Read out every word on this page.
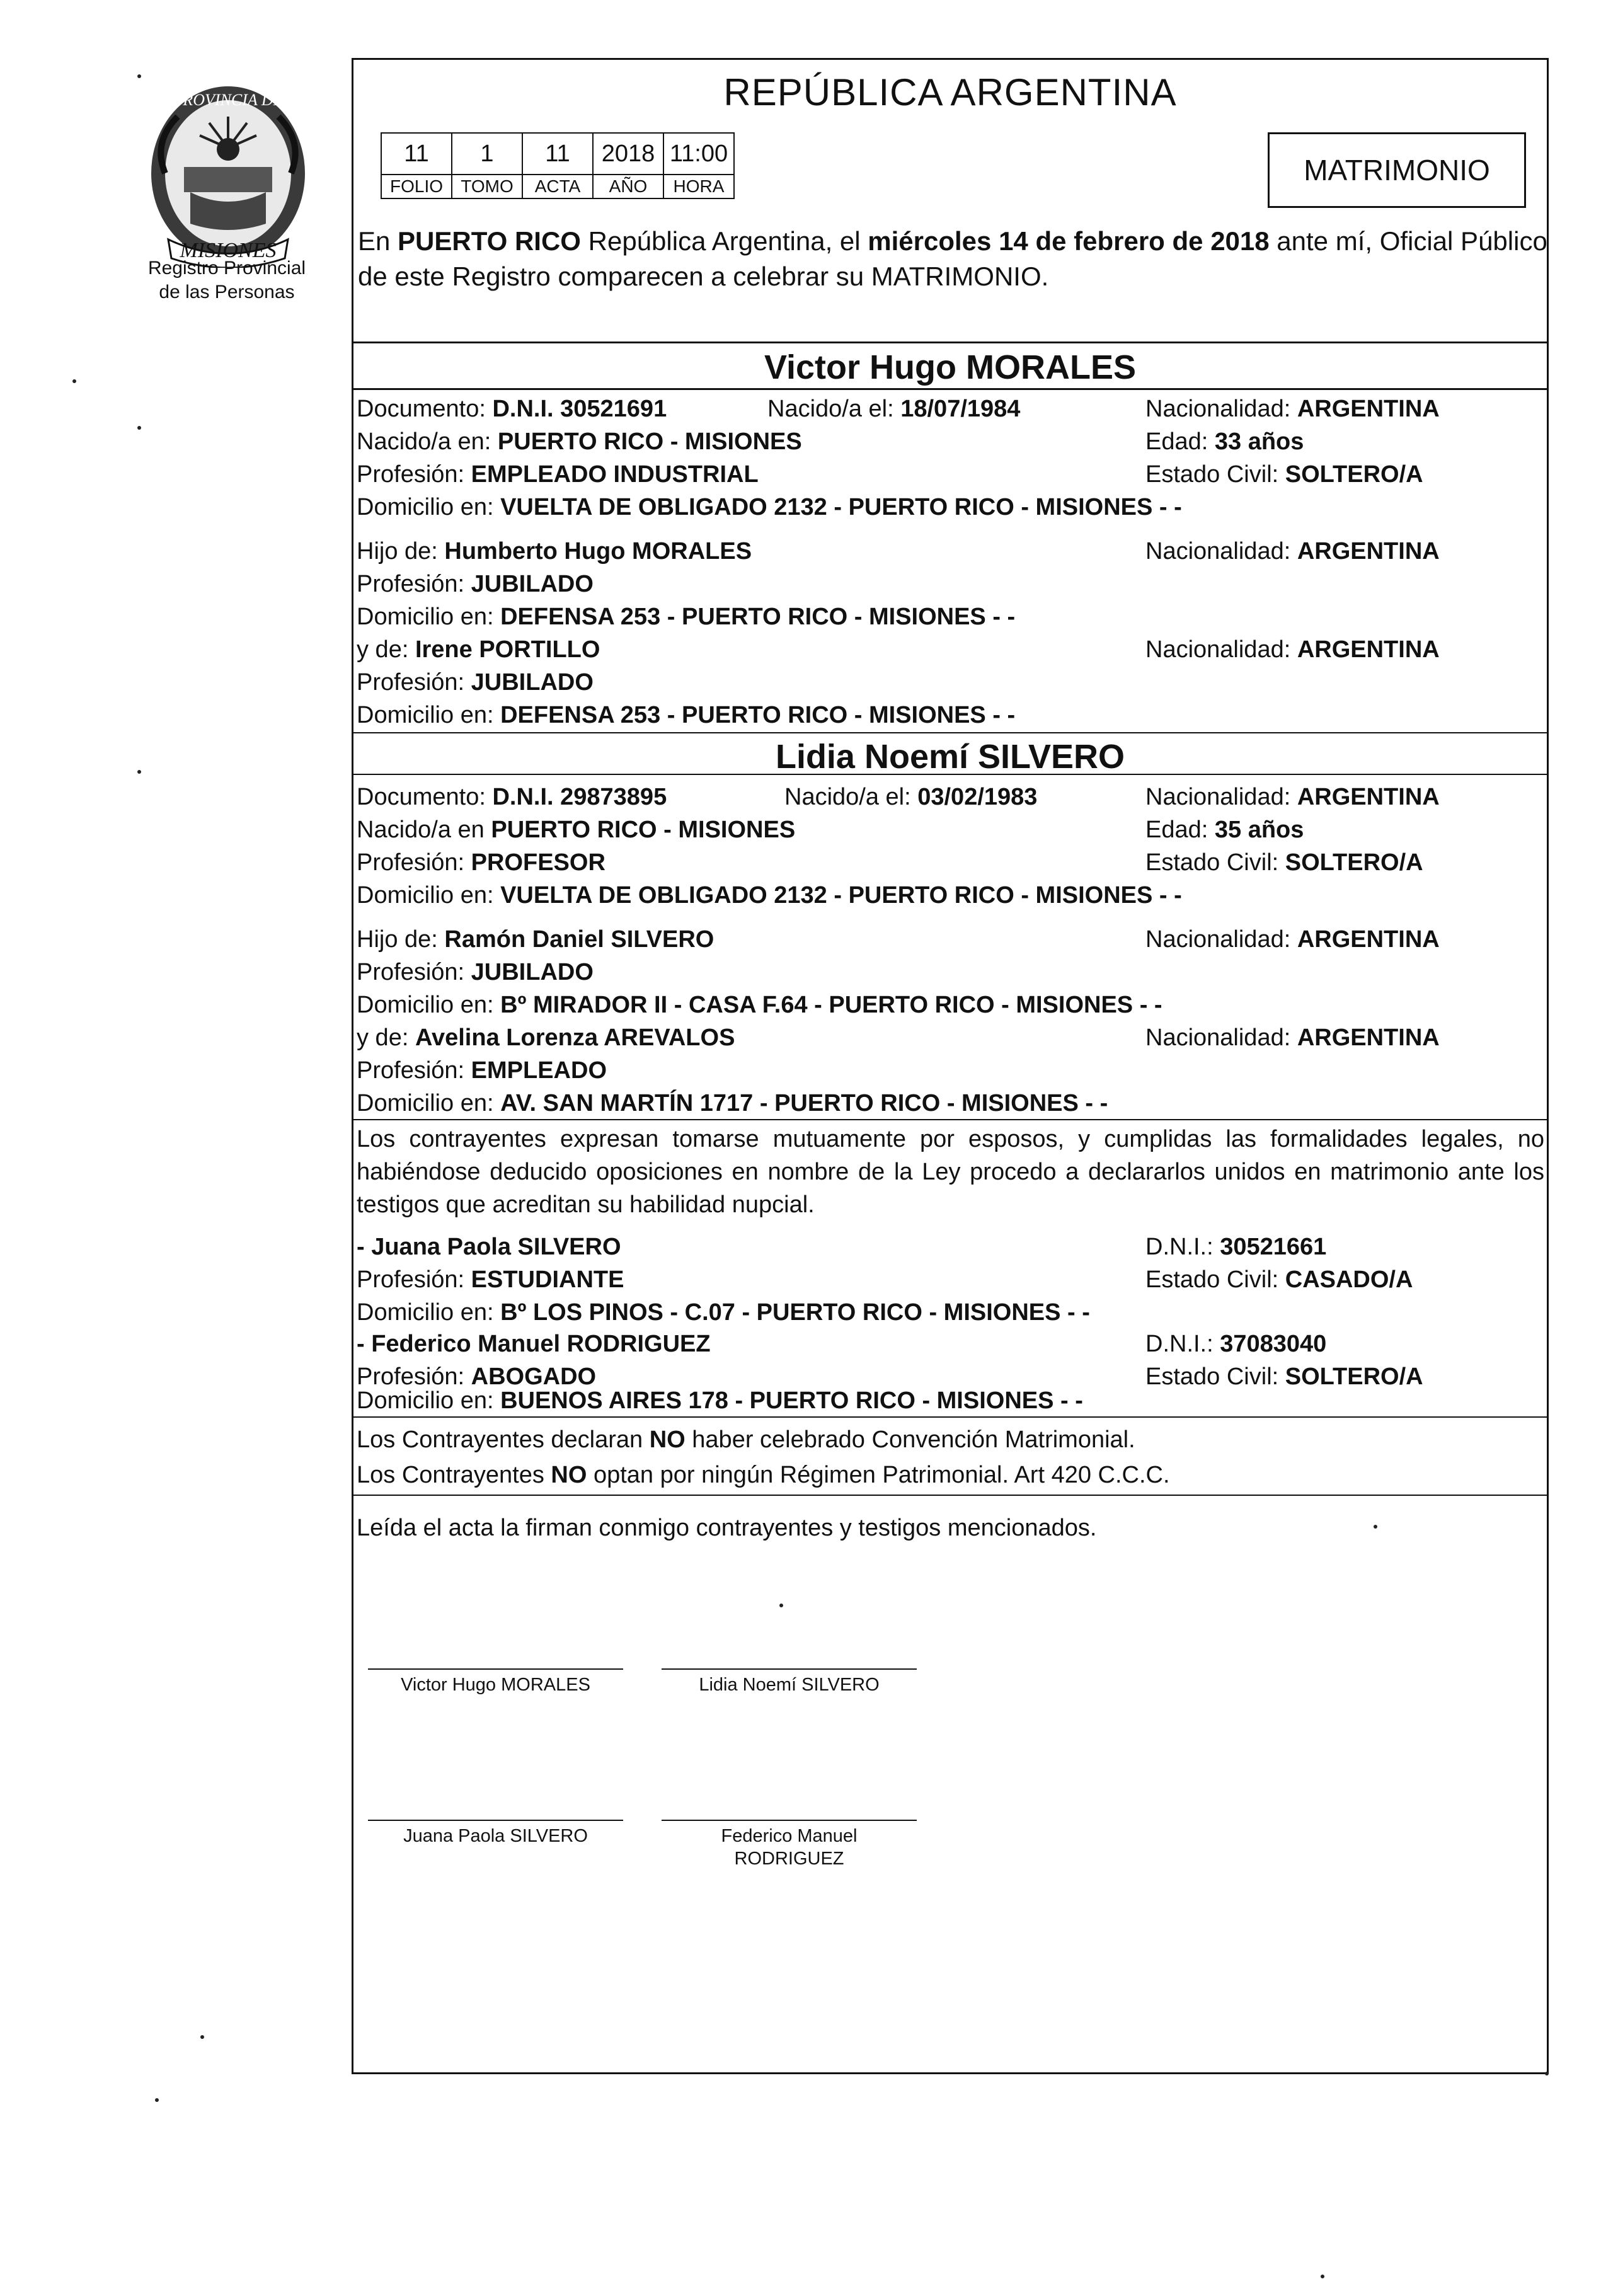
MISIONES
PROVINCIA DE
Registro Provincial
de las Personas
REPÚBLICA ARGENTINA
11	1	11	2018	11:00
FOLIO	TOMO	ACTA	AÑO	HORA	MATRIMONIO
En PUERTO RICO República Argentina, el miércoles 14 de febrero de 2018 ante mí, Oficial Público de este Registro comparecen a celebrar su MATRIMONIO.
Victor Hugo MORALES
Documento: D.N.I. 30521691	Nacido/a el: 18/07/1984	Nacionalidad: ARGENTINA
Nacido/a en: PUERTO RICO - MISIONES	Edad: 33 años
Profesión: EMPLEADO INDUSTRIAL	Estado Civil: SOLTERO/A
Domicilio en: VUELTA DE OBLIGADO 2132 - PUERTO RICO - MISIONES - -
Hijo de: Humberto Hugo MORALES	Nacionalidad: ARGENTINA
Profesión: JUBILADO
Domicilio en: DEFENSA 253 - PUERTO RICO - MISIONES - -
y de: Irene PORTILLO	Nacionalidad: ARGENTINA
Profesión: JUBILADO
Domicilio en: DEFENSA 253 - PUERTO RICO - MISIONES - -
Lidia Noemí SILVERO
Documento: D.N.I. 29873895	Nacido/a el: 03/02/1983	Nacionalidad: ARGENTINA
Nacido/a en PUERTO RICO - MISIONES	Edad: 35 años
Profesión: PROFESOR	Estado Civil: SOLTERO/A
Domicilio en: VUELTA DE OBLIGADO 2132 - PUERTO RICO - MISIONES - -
Hijo de: Ramón Daniel SILVERO	Nacionalidad: ARGENTINA
Profesión: JUBILADO
Domicilio en: Bº MIRADOR II - CASA F.64 - PUERTO RICO - MISIONES - -
y de: Avelina Lorenza AREVALOS	Nacionalidad: ARGENTINA
Profesión: EMPLEADO
Domicilio en: AV. SAN MARTÍN 1717 - PUERTO RICO - MISIONES - -
Los contrayentes expresan tomarse mutuamente por esposos, y cumplidas las formalidades legales, no habiéndose deducido oposiciones en nombre de la Ley procedo a declararlos unidos en matrimonio ante los testigos que acreditan su habilidad nupcial.
- Juana Paola SILVERO	D.N.I.: 30521661
Profesión: ESTUDIANTE	Estado Civil: CASADO/A
Domicilio en: Bº LOS PINOS - C.07 - PUERTO RICO - MISIONES - -
- Federico Manuel RODRIGUEZ	D.N.I.: 37083040
Profesión: ABOGADO	Estado Civil: SOLTERO/A
Domicilio en: BUENOS AIRES 178 - PUERTO RICO - MISIONES - -
Los Contrayentes declaran NO haber celebrado Convención Matrimonial.
Los Contrayentes NO optan por ningún Régimen Patrimonial. Art 420 C.C.C.
Leída el acta la firman conmigo contrayentes y testigos mencionados.
Victor Hugo MORALES	Lidia Noemí SILVERO
Juana Paola SILVERO	Federico Manuel
RODRIGUEZ
